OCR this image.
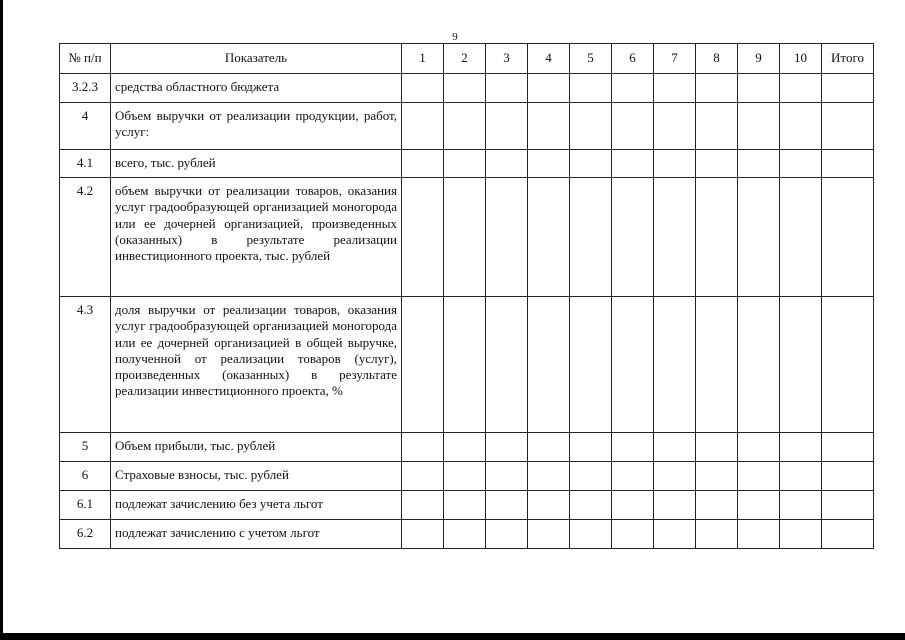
9
№ п/п	Показатель	1	2	3	4	5	6	7	8	9	10	Итого
3.2.3	средства областного бюджета											
4	Объем выручки от реализации продукции, работ, услуг:											
4.1	всего, тыс. рублей											
4.2	объем выручки от реализации товаров, оказания услуг градообразующей организацией моногорода или ее дочерней организацией, произведенных (оказанных) в результате реализации инвестиционного проекта, тыс. рублей											
4.3	доля выручки от реализации товаров, оказания услуг градообразующей организацией моногорода или ее дочерней организацией в общей выручке, полученной от реализации товаров (услуг), произведенных (оказанных) в результате реализации инвестиционного проекта, %											
5	Объем прибыли, тыс. рублей											
6	Страховые взносы, тыс. рублей											
6.1	подлежат зачислению без учета льгот											
6.2	подлежат зачислению с учетом льгот											
